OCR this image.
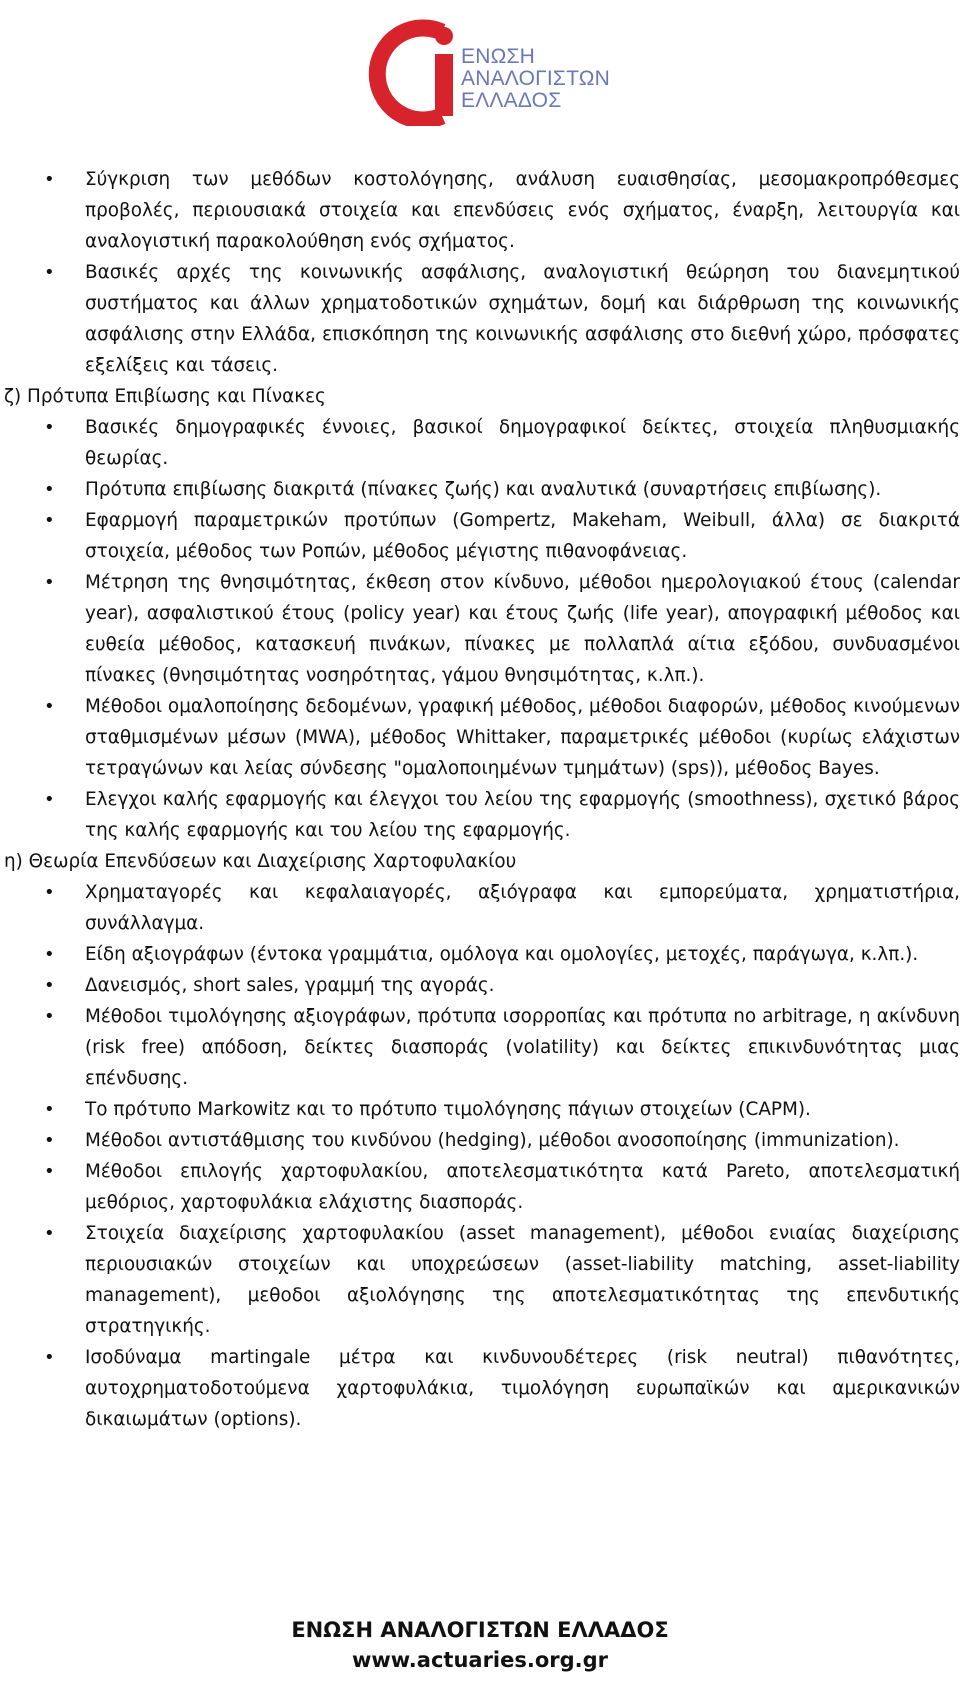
ΕΝΩΣΗ
ΑΝΑΛΟΓΙΣΤΩΝ
ΕΛΛΑΔΟΣ
• Σύγκριση των μεθόδων κοστολόγησης, ανάλυση ευαισθησίας, μεσομακροπρόθεσμες προβολές, περιουσιακά στοιχεία και επενδύσεις ενός σχήματος, έναρξη, λειτουργία και αναλογιστική παρακολούθηση ενός σχήματος.
• Βασικές αρχές της κοινωνικής ασφάλισης, αναλογιστική θεώρηση του διανεμητικού συστήματος και άλλων χρηματοδοτικών σχημάτων, δομή και διάρθρωση της κοινωνικής ασφάλισης στην Ελλάδα, επισκόπηση της κοινωνικής ασφάλισης στο διεθνή χώρο, πρόσφατες εξελίξεις και τάσεις.
ζ) Πρότυπα Επιβίωσης και Πίνακες
• Βασικές δημογραφικές έννοιες, βασικοί δημογραφικοί δείκτες, στοιχεία πληθυσμιακής θεωρίας.
• Πρότυπα επιβίωσης διακριτά (πίνακες ζωής) και αναλυτικά (συναρτήσεις επιβίωσης).
• Εφαρμογή παραμετρικών προτύπων (Gompertz, Makeham, Weibull, άλλα) σε διακριτά στοιχεία, μέθοδος των Ροπών, μέθοδος μέγιστης πιθανοφάνειας.
• Μέτρηση της θνησιμότητας, έκθεση στον κίνδυνο, μέθοδοι ημερολογιακού έτους (calendar year), ασφαλιστικού έτους (policy year) και έτους ζωής (life year), απογραφική μέθοδος και ευθεία μέθοδος, κατασκευή πινάκων, πίνακες με πολλαπλά αίτια εξόδου, συνδυασμένοι πίνακες (θνησιμότητας νοσηρότητας, γάμου θνησιμότητας, κ.λπ.).
• Μέθοδοι ομαλοποίησης δεδομένων, γραφική μέθοδος, μέθοδοι διαφορών, μέθοδος κινούμενων σταθμισμένων μέσων (MWA), μέθοδος Whittaker, παραμετρικές μέθοδοι (κυρίως ελάχιστων τετραγώνων και λείας σύνδεσης "ομαλοποιημένων τμημάτων) (sps)), μέθοδος Bayes.
• Ελεγχοι καλής εφαρμογής και έλεγχοι του λείου της εφαρμογής (smoothness), σχετικό βάρος της καλής εφαρμογής και του λείου της εφαρμογής.
η) Θεωρία Επενδύσεων και Διαχείρισης Χαρτοφυλακίου
• Χρηματαγορές και κεφαλαιαγορές, αξιόγραφα και εμπορεύματα, χρηματιστήρια, συνάλλαγμα.
• Είδη αξιογράφων (έντοκα γραμμάτια, ομόλογα και ομολογίες, μετοχές, παράγωγα, κ.λπ.).
• Δανεισμός, short sales, γραμμή της αγοράς.
• Μέθοδοι τιμολόγησης αξιογράφων, πρότυπα ισορροπίας και πρότυπα no arbitrage, η ακίνδυνη (risk free) απόδοση, δείκτες διασποράς (volatility) και δείκτες επικινδυνότητας μιας επένδυσης.
• Το πρότυπο Markowitz και το πρότυπο τιμολόγησης πάγιων στοιχείων (CAPM).
• Μέθοδοι αντιστάθμισης του κινδύνου (hedging), μέθοδοι ανοσοποίησης (immunization).
• Μέθοδοι επιλογής χαρτοφυλακίου, αποτελεσματικότητα κατά Pareto, αποτελεσματική μεθόριος, χαρτοφυλάκια ελάχιστης διασποράς.
• Στοιχεία διαχείρισης χαρτοφυλακίου (asset management), μέθοδοι ενιαίας διαχείρισης περιουσιακών στοιχείων και υποχρεώσεων (asset-liability matching, asset-liability management), μεθοδοι αξιολόγησης της αποτελεσματικότητας της επενδυτικής στρατηγικής.
• Ισοδύναμα martingale μέτρα και κινδυνουδέτερες (risk neutral) πιθανότητες, αυτοχρηματοδοτούμενα χαρτοφυλάκια, τιμολόγηση ευρωπαϊκών και αμερικανικών δικαιωμάτων (options).
ΕΝΩΣΗ ΑΝΑΛΟΓΙΣΤΩΝ ΕΛΛΑΔΟΣ
www.actuaries.org.gr
